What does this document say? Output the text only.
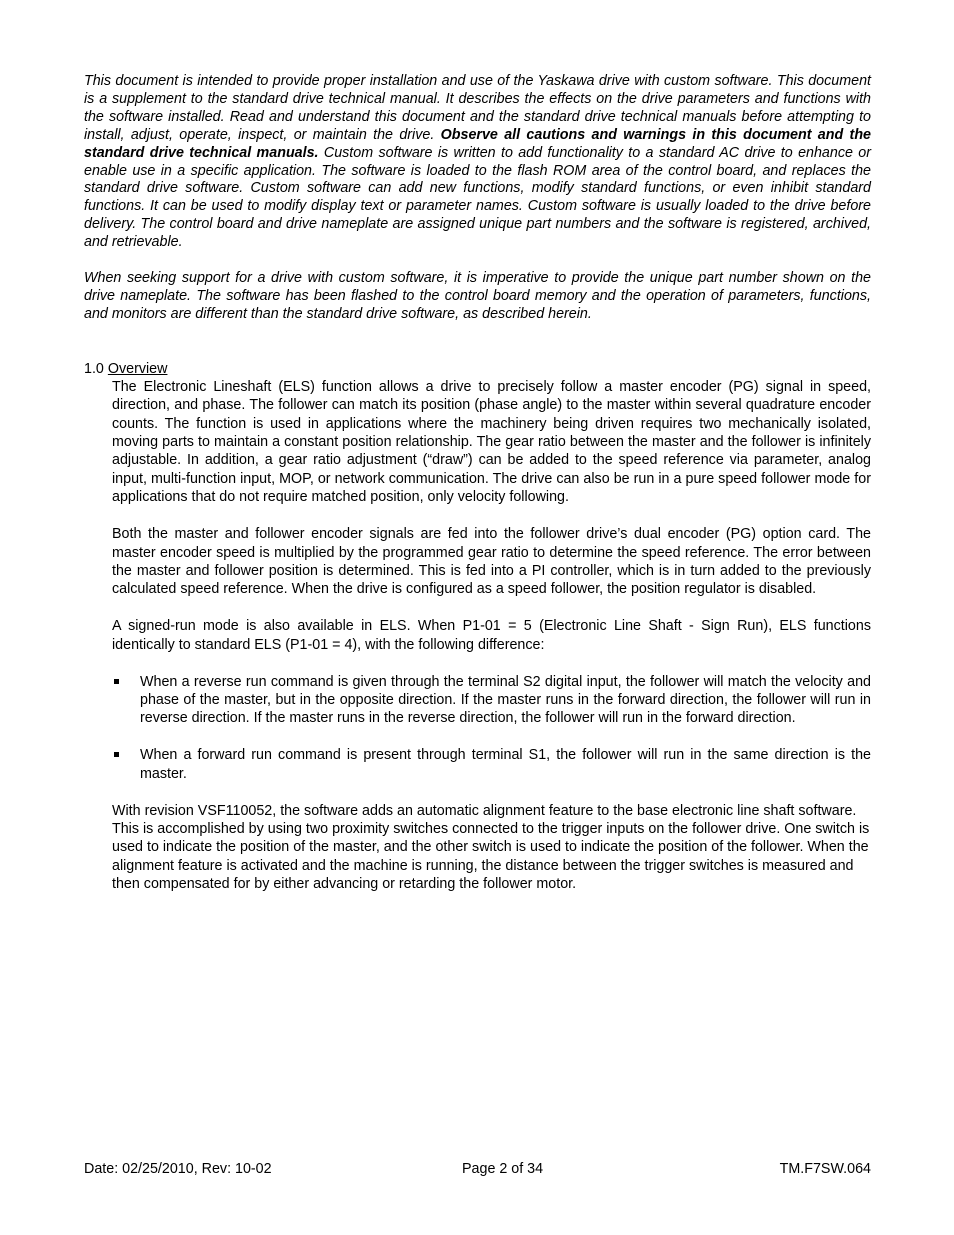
This document is intended to provide proper installation and use of the Yaskawa drive with custom software. This document is a supplement to the standard drive technical manual. It describes the effects on the drive parameters and functions with the software installed. Read and understand this document and the standard drive technical manuals before attempting to install, adjust, operate, inspect, or maintain the drive. Observe all cautions and warnings in this document and the standard drive technical manuals. Custom software is written to add functionality to a standard AC drive to enhance or enable use in a specific application. The software is loaded to the flash ROM area of the control board, and replaces the standard drive software. Custom software can add new functions, modify standard functions, or even inhibit standard functions. It can be used to modify display text or parameter names. Custom software is usually loaded to the drive before delivery. The control board and drive nameplate are assigned unique part numbers and the software is registered, archived, and retrievable.

When seeking support for a drive with custom software, it is imperative to provide the unique part number shown on the drive nameplate. The software has been flashed to the control board memory and the operation of parameters, functions, and monitors are different than the standard drive software, as described herein.

1.0 Overview

The Electronic Lineshaft (ELS) function allows a drive to precisely follow a master encoder (PG) signal in speed, direction, and phase. The follower can match its position (phase angle) to the master within several quadrature encoder counts. The function is used in applications where the machinery being driven requires two mechanically isolated, moving parts to maintain a constant position relationship. The gear ratio between the master and the follower is infinitely adjustable. In addition, a gear ratio adjustment (“draw”) can be added to the speed reference via parameter, analog input, multi-function input, MOP, or network communication. The drive can also be run in a pure speed follower mode for applications that do not require matched position, only velocity following.

Both the master and follower encoder signals are fed into the follower drive’s dual encoder (PG) option card. The master encoder speed is multiplied by the programmed gear ratio to determine the speed reference. The error between the master and follower position is determined. This is fed into a PI controller, which is in turn added to the previously calculated speed reference. When the drive is configured as a speed follower, the position regulator is disabled.

A signed-run mode is also available in ELS. When P1-01 = 5 (Electronic Line Shaft - Sign Run), ELS functions identically to standard ELS (P1-01 = 4), with the following difference:

When a reverse run command is given through the terminal S2 digital input, the follower will match the velocity and phase of the master, but in the opposite direction. If the master runs in the forward direction, the follower will run in reverse direction. If the master runs in the reverse direction, the follower will run in the forward direction.
When a forward run command is present through terminal S1, the follower will run in the same direction is the master.

With revision VSF110052, the software adds an automatic alignment feature to the base electronic line shaft software. This is accomplished by using two proximity switches connected to the trigger inputs on the follower drive. One switch is used to indicate the position of the master, and the other switch is used to indicate the position of the follower. When the alignment feature is activated and the machine is running, the distance between the trigger switches is measured and then compensated for by either advancing or retarding the follower motor.

Date: 02/25/2010, Rev: 10-02	Page 2 of 34	TM.F7SW.064
